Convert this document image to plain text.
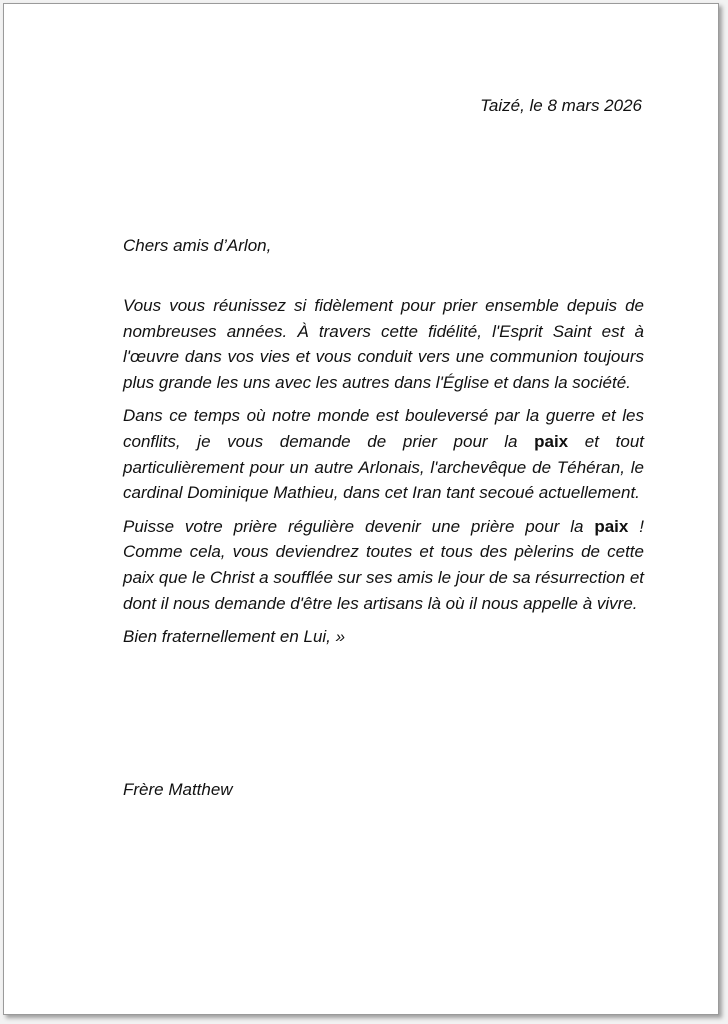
Taizé, le 8 mars 2026

Chers amis d’Arlon,

Vous vous réunissez si fidèlement pour prier ensemble depuis de nombreuses années. À travers cette fidélité, l'Esprit Saint est à l'œuvre dans vos vies et vous conduit vers une communion toujours plus grande les uns avec les autres dans l'Église et dans la société.

Dans ce temps où notre monde est bouleversé par la guerre et les conflits, je vous demande de prier pour la paix et tout particulièrement pour un autre Arlonais, l'archevêque de Téhéran, le cardinal Dominique Mathieu, dans cet Iran tant secoué actuellement.

Puisse votre prière régulière devenir une prière pour la paix ! Comme cela, vous deviendrez toutes et tous des pèlerins de cette paix que le Christ a soufflée sur ses amis le jour de sa résurrection et dont il nous demande d'être les artisans là où il nous appelle à vivre.

Bien fraternellement en Lui, »

Frère Matthew
